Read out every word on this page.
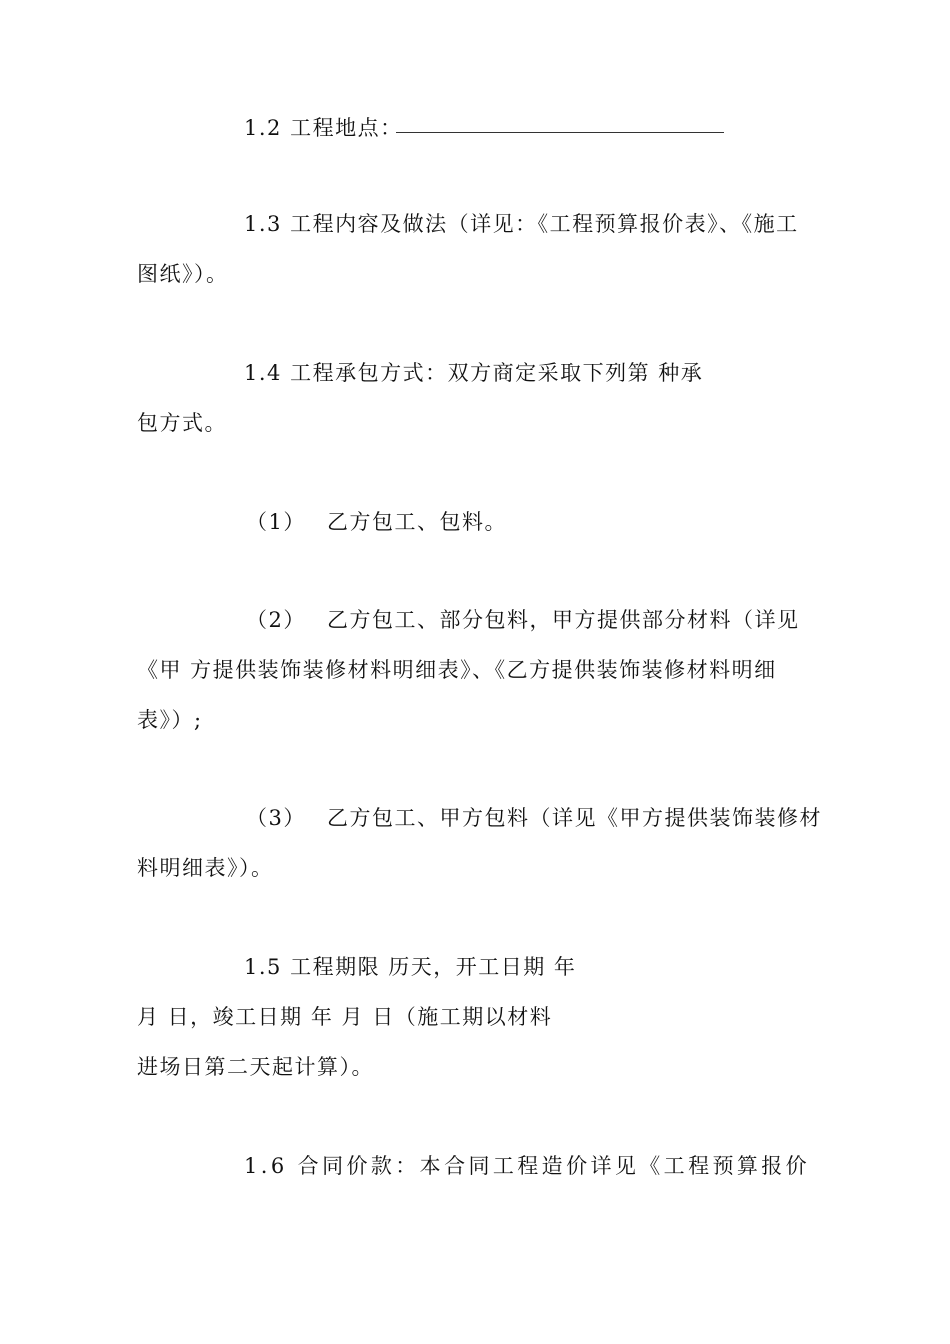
1.2 工程地点：

1.3 工程内容及做法（详见：《工程预算报价表》、《施工

图纸》）。

1.4 工程承包方式：双方商定采取下列第 种承

包方式。

（1） 乙方包工、包料。

（2） 乙方包工、部分包料，甲方提供部分材料（详见

《甲 方提供装饰装修材料明细表》、《乙方提供装饰装修材料明细

表》）;

（3） 乙方包工、甲方包料（详见《甲方提供装饰装修材

料明细表》）。

1.5 工程期限 历天，开工日期 年

月 日，竣工日期 年 月 日（施工期以材料

进场日第二天起计算）。

1.6 合同价款：本合同工程造价详见《工程预算报价
